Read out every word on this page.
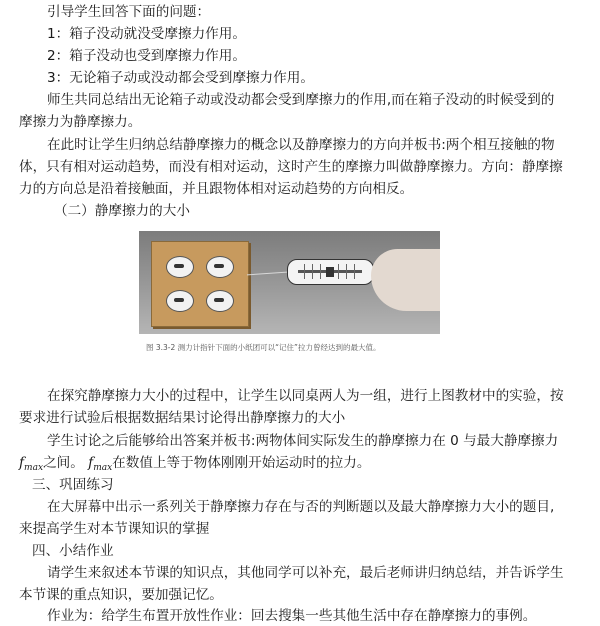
引导学生回答下面的问题：
1：箱子没动就没受摩擦力作用。
2：箱子没动也受到摩擦力作用。
3：无论箱子动或没动都会受到摩擦力作用。
师生共同总结出无论箱子动或没动都会受到摩擦力的作用,而在箱子没动的时候受到的
摩擦力为静摩擦力。
在此时让学生归纳总结静摩擦力的概念以及静摩擦力的方向并板书:两个相互接触的物
体，只有相对运动趋势，而没有相对运动，这时产生的摩擦力叫做静摩擦力。方向：静摩擦
力的方向总是沿着接触面，并且跟物体相对运动趋势的方向相反。
（二）静摩擦力的大小
图 3.3-2 测力计指针下面的小纸团可以“记住”拉力曾经达到的最大值。
在探究静摩擦力大小的过程中，让学生以同桌两人为一组，进行上图教材中的实验，按
要求进行试验后根据数据结果讨论得出静摩擦力的大小
学生讨论之后能够给出答案并板书:两物体间实际发生的静摩擦力在 0 与最大静摩擦力
$f_{max}$之间。 $f_{max}$在数值上等于物体刚刚开始运动时的拉力。
三、巩固练习
在大屏幕中出示一系列关于静摩擦力存在与否的判断题以及最大静摩擦力大小的题目,
来提高学生对本节课知识的掌握
四、小结作业
请学生来叙述本节课的知识点，其他同学可以补充，最后老师讲归纳总结，并告诉学生
本节课的重点知识，要加强记忆。
作业为：给学生布置开放性作业：回去搜集一些其他生活中存在静摩擦力的事例。
